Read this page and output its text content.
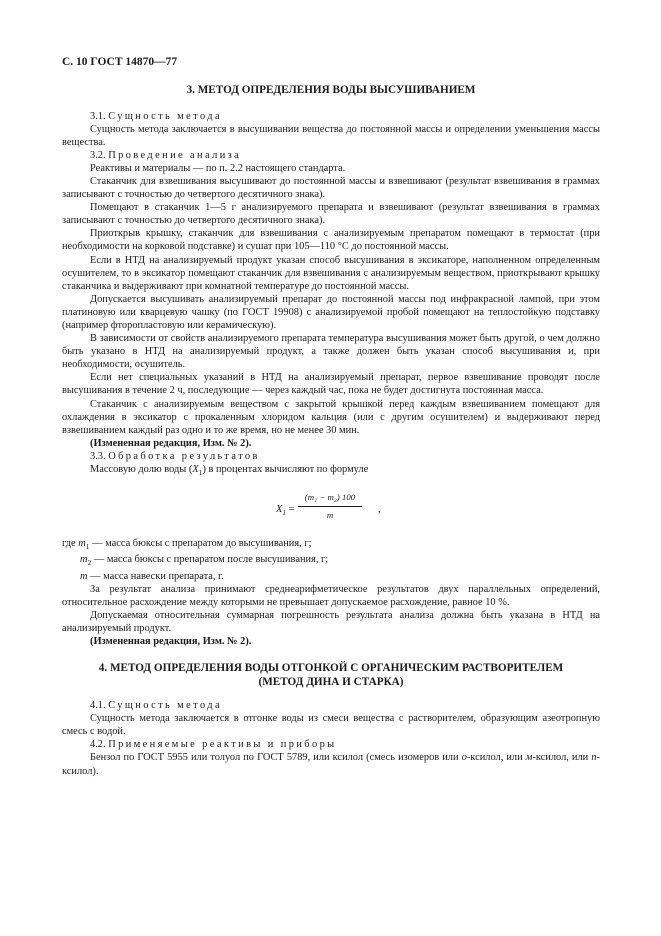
С. 10 ГОСТ 14870—77
3. МЕТОД ОПРЕДЕЛЕНИЯ ВОДЫ ВЫСУШИВАНИЕМ

3.1. Сущность метода

Сущность метода заключается в высушивании вещества до постоянной массы и определении уменьшения массы вещества.

3.2. Проведение анализа

Реактивы и материалы — по п. 2.2 настоящего стандарта.

Стаканчик для взвешивания высушивают до постоянной массы и взвешивают (результат взвешивания в граммах записывают с точностью до четвертого десятичного знака).

Помещают в стаканчик 1—5 г анализируемого препарата и взвешивают (результат взвешивания в граммах записывают с точностью до четвертого десятичного знака).

Приоткрыв крышку, стаканчик для взвешивания с анализируемым препаратом помещают в термостат (при необходимости на корковой подставке) и сушат при 105—110 °С до постоянной массы.

Если в НТД на анализируемый продукт указан способ высушивания в эксикаторе, наполненном определенным осушителем, то в эксикатор помещают стаканчик для взвешивания с анализируемым веществом, приоткрывают крышку стаканчика и выдерживают при комнатной температуре до постоянной массы.

Допускается высушивать анализируемый препарат до постоянной массы под инфракрасной лампой, при этом платиновую или кварцевую чашку (по ГОСТ 19908) с анализируемой пробой помещают на теплостойкую подставку (например фторопластовую или керамическую).

В зависимости от свойств анализируемого препарата температура высушивания может быть другой, о чем должно быть указано в НТД на анализируемый продукт, а также должен быть указан способ высушивания и, при необходимости, осушитель.

Если нет специальных указаний в НТД на анализируемый препарат, первое взвешивание проводят после высушивания в течение 2 ч, последующие — через каждый час, пока не будет достигнута постоянная масса.

Стаканчик с анализируемым веществом с закрытой крышкой перед каждым взвешиванием помещают для охлаждения в эксикатор с прокаленным хлоридом кальция (или с другим осушителем) и выдерживают перед взвешиванием каждый раз одно и то же время, но не менее 30 мин.

(Измененная редакция, Изм. № 2).

3.3. Обработка результатов

Массовую долю воды $(X_1)$ в процентах вычисляют по формуле

$X_1 = \frac{\text{(m₁ − m₂) 100}}{m}$ ,

где $m_1$ — масса бюксы с препаратом до высушивания, г;

$m_2$ — масса бюксы с препаратом после высушивания, г;

m — масса навески препарата, г.

За результат анализа принимают среднеарифметическое результатов двух параллельных определений, относительное расхождение между которыми не превышает допускаемое расхождение, равное 10 %.

Допускаемая относительная суммарная погрешность результата анализа должна быть указана в НТД на анализируемый продукт.

(Измененная редакция, Изм. № 2).

4. МЕТОД ОПРЕДЕЛЕНИЯ ВОДЫ ОТГОНКОЙ С ОРГАНИЧЕСКИМ РАСТВОРИТЕЛЕМ
(МЕТОД ДИНА И СТАРКА)

4.1. Сущность метода

Сущность метода заключается в отгонке воды из смеси вещества с растворителем, образующим азеотропную смесь с водой.

4.2. Применяемые реактивы и приборы

Бензол по ГОСТ 5955 или толуол по ГОСТ 5789, или ксилол (смесь изомеров или о-ксилол, или м-ксилол, или п-ксилол).
